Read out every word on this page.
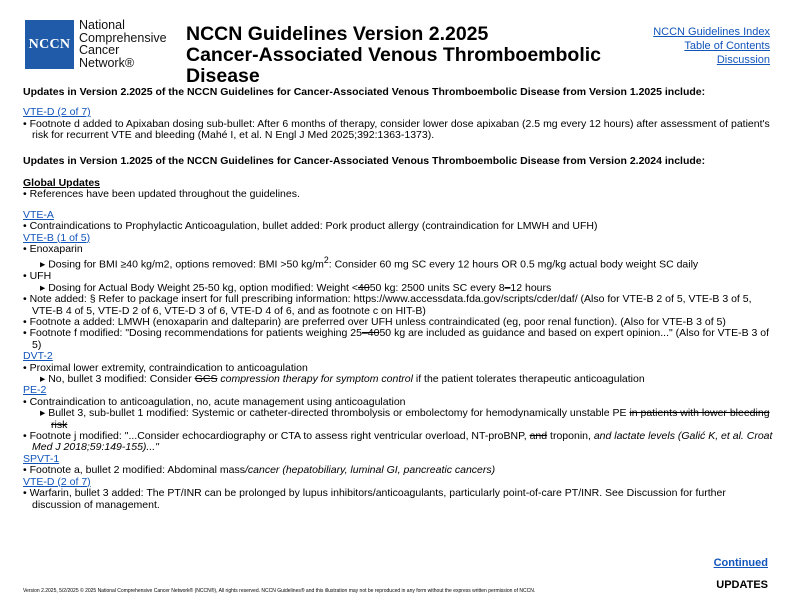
NCCN
National
Comprehensive
Cancer
Network®
NCCN Guidelines Version 2.2025
Cancer-Associated Venous Thromboembolic Disease
NCCN Guidelines Index
Table of Contents
Discussion

Updates in Version 2.2025 of the NCCN Guidelines for Cancer-Associated Venous Thromboembolic Disease from Version 1.2025 include:

VTE-D (2 of 7)
• Footnote d added to Apixaban dosing sub-bullet: After 6 months of therapy, consider lower dose apixaban (2.5 mg every 12 hours) after assessment of patient's risk for recurrent VTE and bleeding (Mahé I, et al. N Engl J Med 2025;392:1363-1373).

Updates in Version 1.2025 of the NCCN Guidelines for Cancer-Associated Venous Thromboembolic Disease from Version 2.2024 include:

Global Updates
• References have been updated throughout the guidelines.
VTE-A
• Contraindications to Prophylactic Anticoagulation, bullet added: Pork product allergy (contraindication for LMWH and UFH)
VTE-B (1 of 5)
• Enoxaparin
▸ Dosing for BMI ≥40 kg/m2, options removed: BMI >50 $kg/m^2$: Consider 60 mg SC every 12 hours OR 0.5 mg/kg actual body weight SC daily
• UFH
▸ Dosing for Actual Body Weight 25-50 kg, option modified: Weight <4050 kg: 2500 units SC every 8–12 hours
• Note added: § Refer to package insert for full prescribing information: https://www.accessdata.fda.gov/scripts/cder/daf/ (Also for VTE-B 2 of 5, VTE-B 3 of 5, VTE-B 4 of 5, VTE-D 2 of 6, VTE-D 3 of 6, VTE-D 4 of 6, and as footnote c on HIT-B)
• Footnote a added: LMWH (enoxaparin and dalteparin) are preferred over UFH unless contraindicated (eg, poor renal function). (Also for VTE-B 3 of 5)
• Footnote f modified: "Dosing recommendations for patients weighing 25–4050 kg are included as guidance and based on expert opinion..." (Also for VTE-B 3 of 5)
DVT-2
• Proximal lower extremity, contraindication to anticoagulation
▸ No, bullet 3 modified: Consider GCS compression therapy for symptom control if the patient tolerates therapeutic anticoagulation
PE-2
• Contraindication to anticoagulation, no, acute management using anticoagulation
▸ Bullet 3, sub-bullet 1 modified: Systemic or catheter-directed thrombolysis or embolectomy for hemodynamically unstable PE in patients with lower bleeding risk
• Footnote j modified: "...Consider echocardiography or CTA to assess right ventricular overload, NT-proBNP, and troponin, and lactate levels (Galić K, et al. Croat Med J 2018;59:149-155)..."
SPVT-1
• Footnote a, bullet 2 modified: Abdominal mass/cancer (hepatobiliary, luminal GI, pancreatic cancers)
VTE-D (2 of 7)
• Warfarin, bullet 3 added: The PT/INR can be prolonged by lupus inhibitors/anticoagulants, particularly point-of-care PT/INR. See Discussion for further discussion of management.
Continued
UPDATES
Version 2.2025, 5/2/2025 © 2025 National Comprehensive Cancer Network® (NCCN®), All rights reserved. NCCN Guidelines® and this illustration may not be reproduced in any form without the express written permission of NCCN.
